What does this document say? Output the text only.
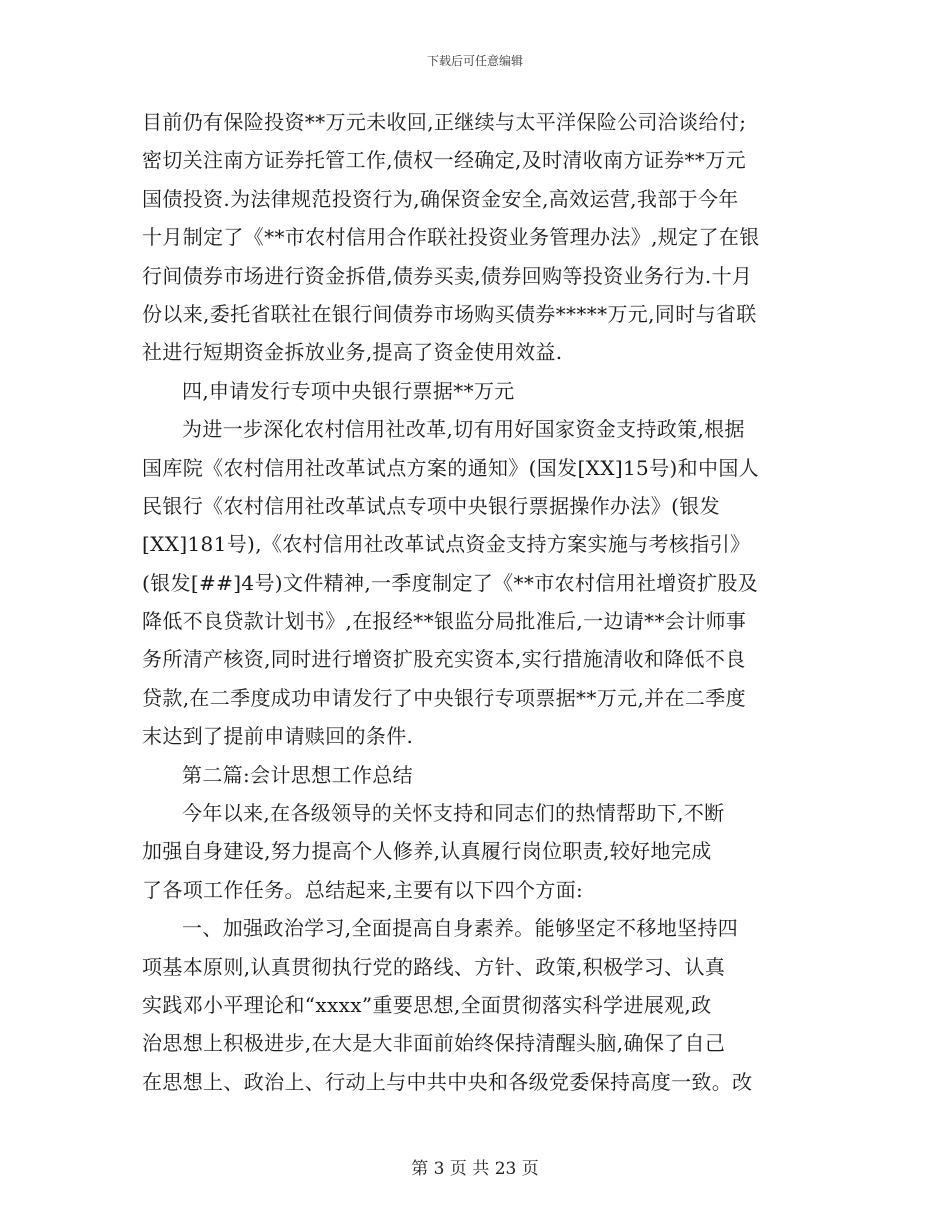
下载后可任意编辑
目前仍有保险投资**万元未收回,正继续与太平洋保险公司洽谈给付;
密切关注南方证券托管工作,债权一经确定,及时清收南方证券**万元
国债投资.为法律规范投资行为,确保资金安全,高效运营,我部于今年
十月制定了《**市农村信用合作联社投资业务管理办法》,规定了在银
行间债券市场进行资金拆借,债券买卖,债券回购等投资业务行为.十月
份以来,委托省联社在银行间债券市场购买债券*****万元,同时与省联
社进行短期资金拆放业务,提高了资金使用效益.
四,申请发行专项中央银行票据**万元
为进一步深化农村信用社改革,切有用好国家资金支持政策,根据
国库院《农村信用社改革试点方案的通知》(国发[XX]15号)和中国人
民银行《农村信用社改革试点专项中央银行票据操作办法》(银发
[XX]181号),《农村信用社改革试点资金支持方案实施与考核指引》
(银发[##]4号)文件精神,一季度制定了《**市农村信用社增资扩股及
降低不良贷款计划书》,在报经**银监分局批准后,一边请**会计师事
务所清产核资,同时进行增资扩股充实资本,实行措施清收和降低不良
贷款,在二季度成功申请发行了中央银行专项票据**万元,并在二季度
末达到了提前申请赎回的条件.
第二篇:会计思想工作总结
今年以来,在各级领导的关怀支持和同志们的热情帮助下,不断
加强自身建设,努力提高个人修养,认真履行岗位职责,较好地完成
了各项工作任务。总结起来,主要有以下四个方面:
一、加强政治学习,全面提高自身素养。能够坚定不移地坚持四
项基本原则,认真贯彻执行党的路线、方针、政策,积极学习、认真
实践邓小平理论和“xxxx”重要思想,全面贯彻落实科学进展观,政
治思想上积极进步,在大是大非面前始终保持清醒头脑,确保了自己
在思想上、政治上、行动上与中共中央和各级党委保持高度一致。改
第 3 页 共 23 页
